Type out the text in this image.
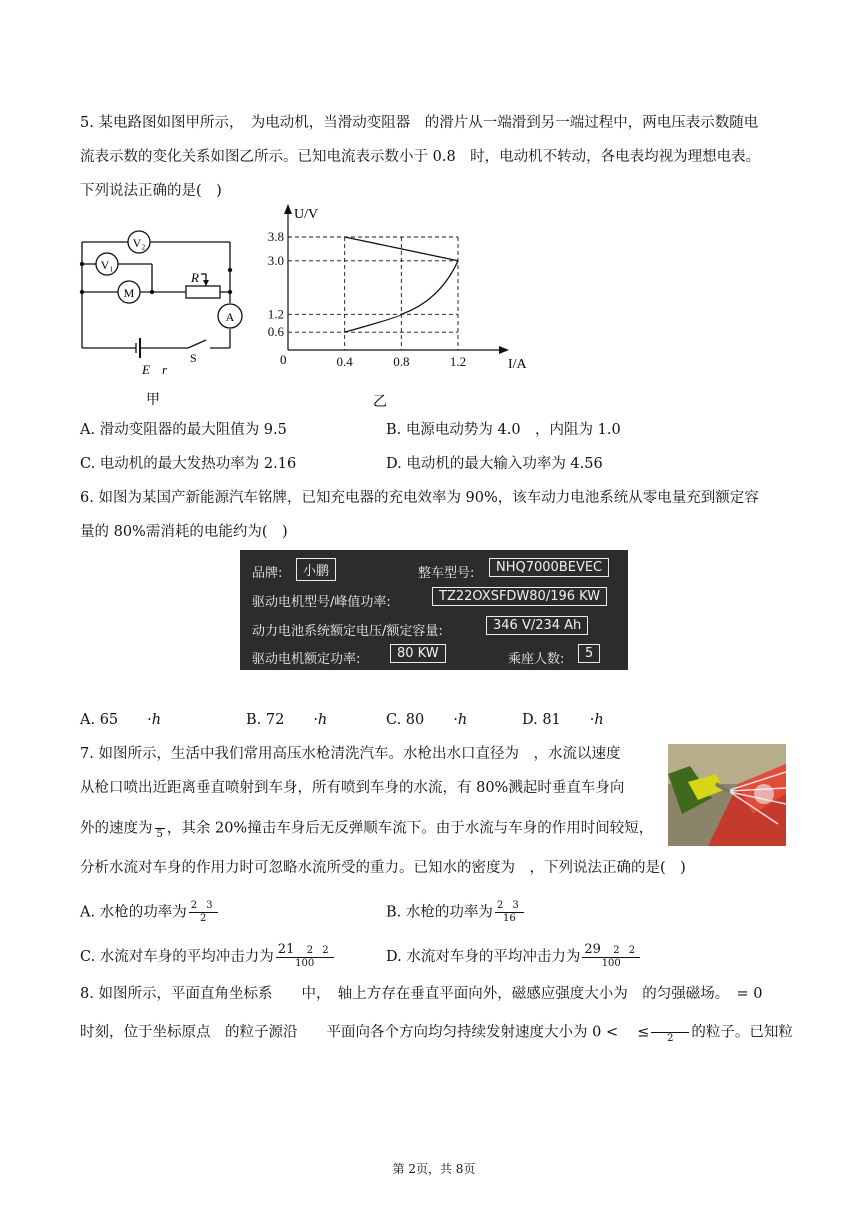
5. 某电路图如图甲所示，　为电动机，当滑动变阻器　的滑片从一端滑到另一端过程中，两电压表示数随电
流表示数的变化关系如图乙所示。已知电流表示数小于 0.8　时，电动机不转动，各电表均视为理想电表。
下列说法正确的是(　)
V₂
V₁
M
R
A
E r
S
甲
3.8
3.0
1.2
0.6
0.4	0.8	1.2
U/V
I/A
0
乙
A. 滑动变阻器的最大阻值为 9.5	B. 电源电动势为 4.0　，内阻为 1.0
C. 电动机的最大发热功率为 2.16	D. 电动机的最大输入功率为 4.56
6. 如图为某国产新能源汽车铭牌，已知充电器的充电效率为 90%，该车动力电池系统从零电量充到额定容
量的 80%需消耗的电能约为(　)
品牌:	小鹏	整车型号:	NHQ7000BEVEC
驱动电机型号/峰值功率:	TZ22OXSFDW80/196 KW
动力电池系统额定电压/额定容量:	346 V/234 Ah
驱动电机额定功率:	80 KW	乘座人数:	5
A. 65　　·ℎ	B. 72　　·ℎ	C. 80　　·ℎ	D. 81　　·ℎ
7. 如图所示，生活中我们常用高压水枪清洗汽车。水枪出水口直径为　，水流以速度
从枪口喷出近距离垂直喷射到车身，所有喷到车身的水流，有 80%溅起时垂直车身向
外的速度为
5 ，其余 20%撞击车身后无反弹顺车流下。由于水流与车身的作用时间较短，
分析水流对车身的作用力时可忽略水流所受的重力。已知水的密度为　，下列说法正确的是(　)
A. 水枪的功率为 $\frac{2 3}{2}$	B. 水枪的功率为 $\frac{2 3}{16}$
C. 水流对车身的平均冲击力为 $\frac{21 2 2}{100}$	D. 水流对车身的平均冲击力为 $\frac{29 2 2}{100}$
8. 如图所示，平面直角坐标系　　中，　轴上方存在垂直平面向外，磁感应强度大小为　的匀强磁场。　= 0
时刻，位于坐标原点　的粒子源沿　　平面向各个方向均匀持续发射速度大小为 0 <　 ≤
	2	的粒子。已知粒
第 2页，共 8页
